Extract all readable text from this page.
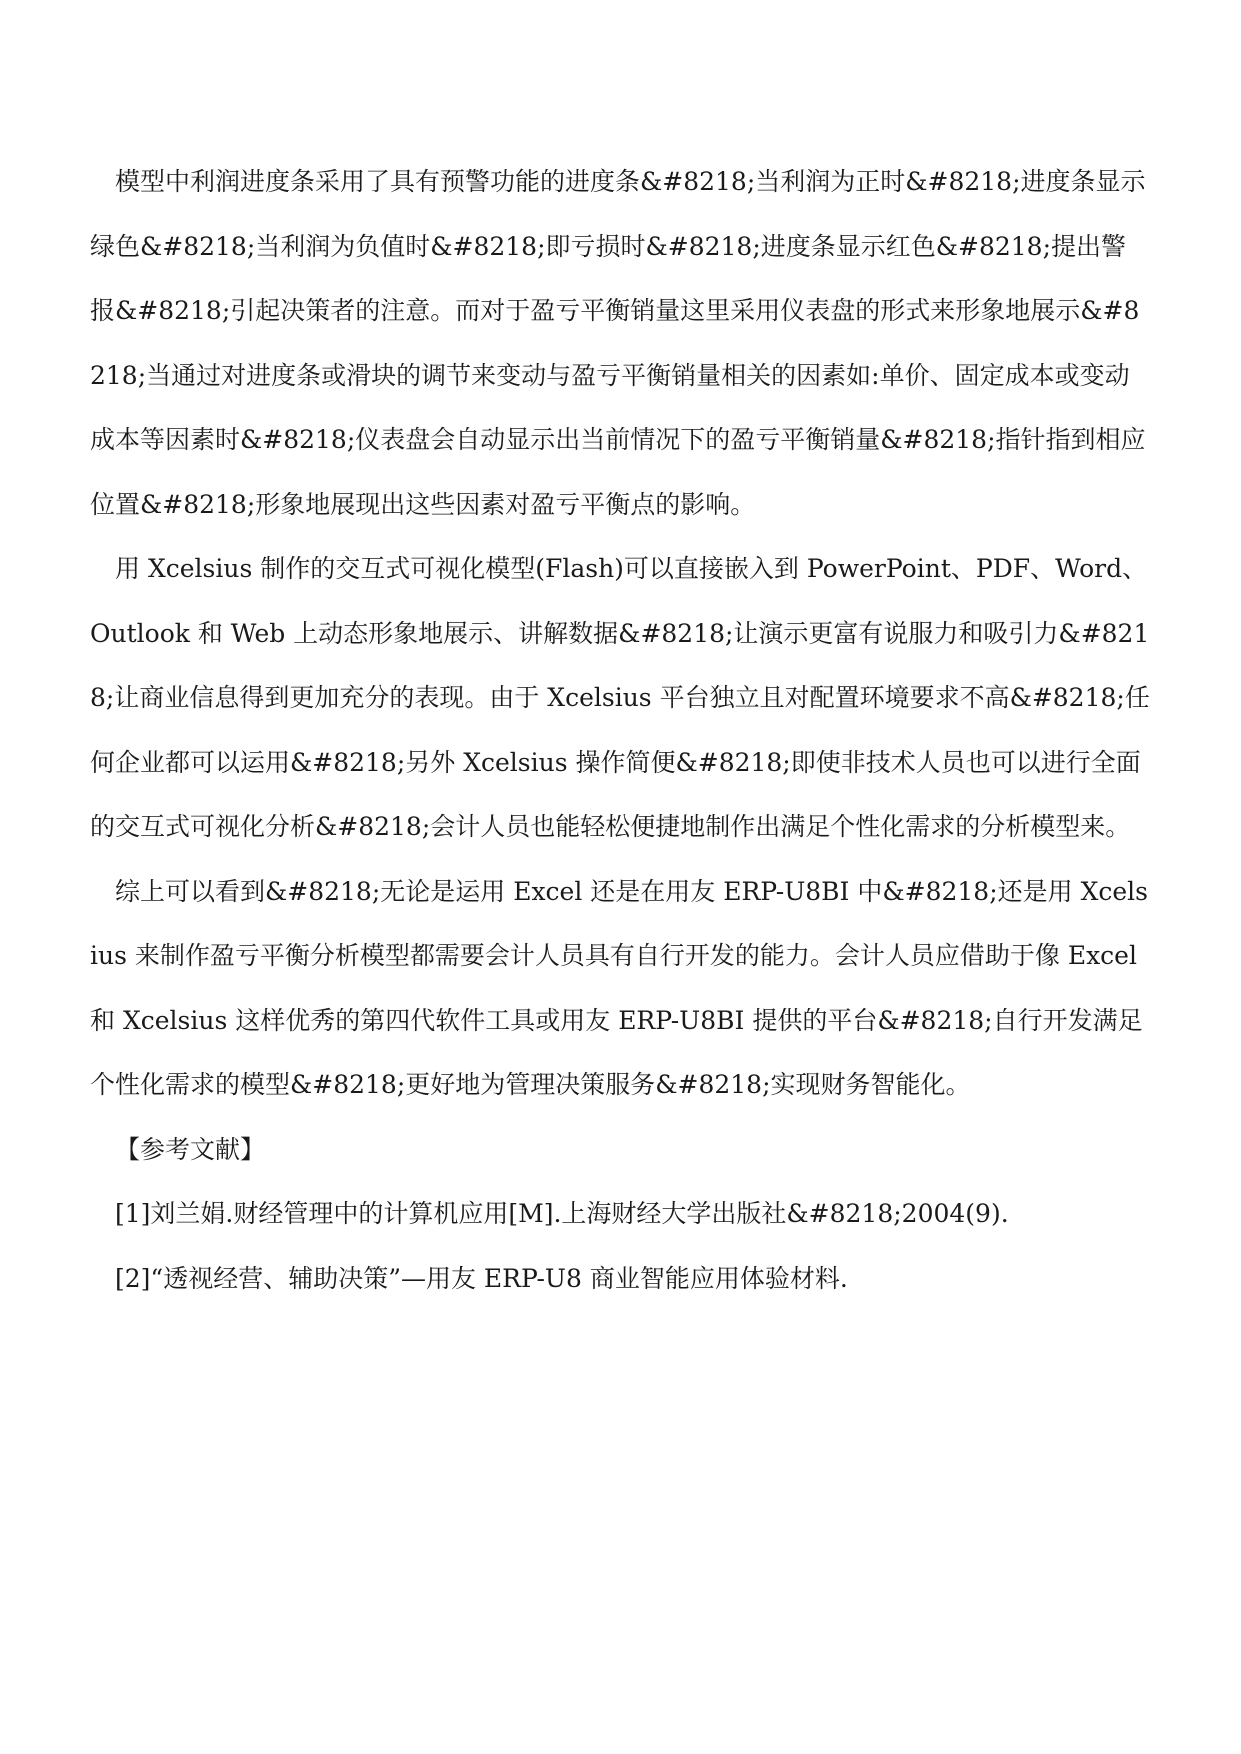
模型中利润进度条采用了具有预警功能的进度条&#8218;当利润为正时&#8218;进度条显示绿色&#8218;当利润为负值时&#8218;即亏损时&#8218;进度条显示红色&#8218;提出警报&#8218;引起决策者的注意。而对于盈亏平衡销量这里采用仪表盘的形式来形象地展示&#8218;当通过对进度条或滑块的调节来变动与盈亏平衡销量相关的因素如:单价、固定成本或变动成本等因素时&#8218;仪表盘会自动显示出当前情况下的盈亏平衡销量&#8218;指针指到相应位置&#8218;形象地展现出这些因素对盈亏平衡点的影响。

用 Xcelsius 制作的交互式可视化模型(Flash)可以直接嵌入到 PowerPoint、PDF、Word、Outlook 和 Web 上动态形象地展示、讲解数据&#8218;让演示更富有说服力和吸引力&#8218;让商业信息得到更加充分的表现。由于 Xcelsius 平台独立且对配置环境要求不高&#8218;任何企业都可以运用&#8218;另外 Xcelsius 操作简便&#8218;即使非技术人员也可以进行全面的交互式可视化分析&#8218;会计人员也能轻松便捷地制作出满足个性化需求的分析模型来。

综上可以看到&#8218;无论是运用 Excel 还是在用友 ERP-U8BI 中&#8218;还是用 Xcelsius 来制作盈亏平衡分析模型都需要会计人员具有自行开发的能力。会计人员应借助于像 Excel 和 Xcelsius 这样优秀的第四代软件工具或用友 ERP-U8BI 提供的平台&#8218;自行开发满足个性化需求的模型&#8218;更好地为管理决策服务&#8218;实现财务智能化。

【参考文献】

[1]刘兰娟.财经管理中的计算机应用[M].上海财经大学出版社&#8218;2004(9).

[2]“透视经营、辅助决策”—用友 ERP-U8 商业智能应用体验材料.
